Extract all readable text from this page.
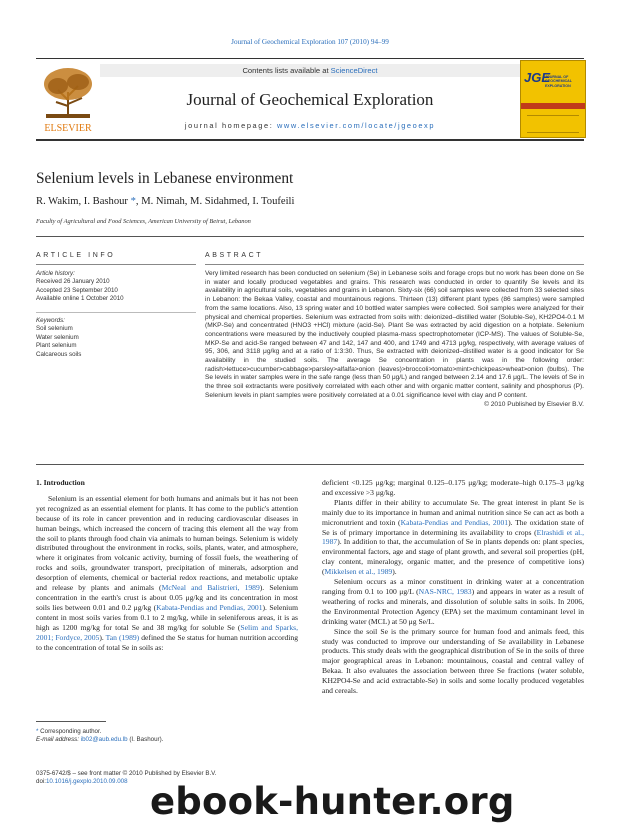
Journal of Geochemical Exploration 107 (2010) 94–99
ELSEVIER
Contents lists available at ScienceDirect
Journal of Geochemical Exploration
journal homepage: www.elsevier.com/locate/jgeoexp
JGE
JOURNAL OF GEOCHEMICAL EXPLORATION
Selenium levels in Lebanese environment
R. Wakim, I. Bashour *, M. Nimah, M. Sidahmed, I. Toufeili
Faculty of Agricultural and Food Sciences, American University of Beirut, Lebanon
ARTICLE INFO	ABSTRACT
Article history:
Received 26 January 2010
Accepted 23 September 2010
Available online 1 October 2010
Keywords:
Soil selenium
Water selenium
Plant selenium
Calcareous soils
Very limited research has been conducted on selenium (Se) in Lebanese soils and forage crops but no work has been done on Se in water and locally produced vegetables and grains. This research was conducted in order to quantify Se levels and its availability in agricultural soils, vegetables and grains in Lebanon. Sixty-six (66) soil samples were collected from 33 selected sites in Lebanon: the Bekaa Valley, coastal and mountainous regions. Thirteen (13) different plant types (86 samples) were sampled from the same locations. Also, 13 spring water and 10 bottled water samples were collected. Soil samples were analyzed for their physical and chemical properties. Selenium was extracted from soils with: deionized–distilled water (Soluble-Se), KH2PO4-0.1 M (MKP-Se) and concentrated (HNO3 +HCl) mixture (acid-Se). Plant Se was extracted by acid digestion on a hotplate. Selenium concentrations were measured by the inductively coupled plasma-mass spectrophotometer (ICP-MS). The values of Soluble-Se, MKP-Se and acid-Se ranged between 47 and 142, 147 and 400, and 1749 and 4713 μg/kg, respectively, with average values of 95, 306, and 3118 μg/kg and at a ratio of 1:3:30. Thus, Se extracted with deionized–distilled water is a good indicator for Se availability in the studied soils. The average Se concentration in plants was in the following order: radish>lettuce>cucumber>cabbage>parsley>alfalfa>onion (leaves)>broccoli>tomato>mint>chickpeas>wheat>onion (bulbs). The Se levels in water samples were in the safe range (less than 50 μg/L) and ranged between 2.14 and 17.6 μg/L. The levels of Se in the three soil extractants were positively correlated with each other and with organic matter content, salinity and phosphorus (P). Selenium levels in plant samples were positively correlated at a 0.01 significance level with clay and P content.
© 2010 Published by Elsevier B.V.
1. Introduction

Selenium is an essential element for both humans and animals but it has not been yet recognized as an essential element for plants. It has come to the public's attention because of its role in cancer prevention and in reducing cardiovascular diseases in human beings, which increased the concern of tracing this element all the way from the soil to plants through food chain via animals to human beings. Selenium is widely distributed throughout the environment in rocks, soils, plants, water, and atmosphere, where it originates from volcanic activity, burning of fossil fuels, the weathering of rocks and soils, groundwater transport, precipitation of minerals, adsorption and desorption of elements, chemical or bacterial redox reactions, and metabolic uptake and release by plants and animals (McNeal and Balistrieri, 1989). Selenium concentration in the earth's crust is about 0.05 μg/kg and its concentration in most soils lies between 0.01 and 0.2 μg/kg (Kabata-Pendias and Pendias, 2001). Selenium content in most soils varies from 0.1 to 2 mg/kg, while in seleniferous areas, it is as high as 1200 mg/kg for total Se and 38 mg/kg for soluble Se (Selim and Sparks, 2001; Fordyce, 2005). Tan (1989) defined the Se status for human nutrition according to the concentration of total Se in soils as:

deficient <0.125 μg/kg; marginal 0.125–0.175 μg/kg; moderate–high 0.175–3 μg/kg and excessive >3 μg/kg.

Plants differ in their ability to accumulate Se. The great interest in plant Se is mainly due to its importance in human and animal nutrition since Se can act as both a micronutrient and toxin (Kabata-Pendias and Pendias, 2001). The oxidation state of Se is of primary importance in determining its availability to crops (Elrashidi et al., 1987). In addition to that, the accumulation of Se in plants depends on: plant species, environmental factors, age and stage of plant growth, and several soil properties (pH, clay content, mineralogy, organic matter, and the presence of competitive ions) (Mikkelsen et al., 1989).

Selenium occurs as a minor constituent in drinking water at a concentration ranging from 0.1 to 100 μg/L (NAS-NRC, 1983) and appears in water as a result of weathering of rocks and minerals, and dissolution of soluble salts in soils. In 2006, the Environmental Protection Agency (EPA) set the maximum contaminant level in drinking water (MCL) at 50 μg Se/L.

Since the soil Se is the primary source for human food and animals feed, this study was conducted to improve our understanding of Se availability in Lebanese products. This study deals with the geographical distribution of Se in the soils of three major geographical areas in Lebanon: mountainous, coastal and central valley of Bekaa. It also evaluates the association between three Se fractions (water soluble, KH2PO4-Se and acid extractable-Se) in soils and some locally produced vegetables and cereals.

* Corresponding author.
E-mail address: ib02@aub.edu.lb (I. Bashour).
0375-6742/$ – see front matter © 2010 Published by Elsevier B.V.
doi:10.1016/j.gexplo.2010.09.008 ebook-hunter.org
